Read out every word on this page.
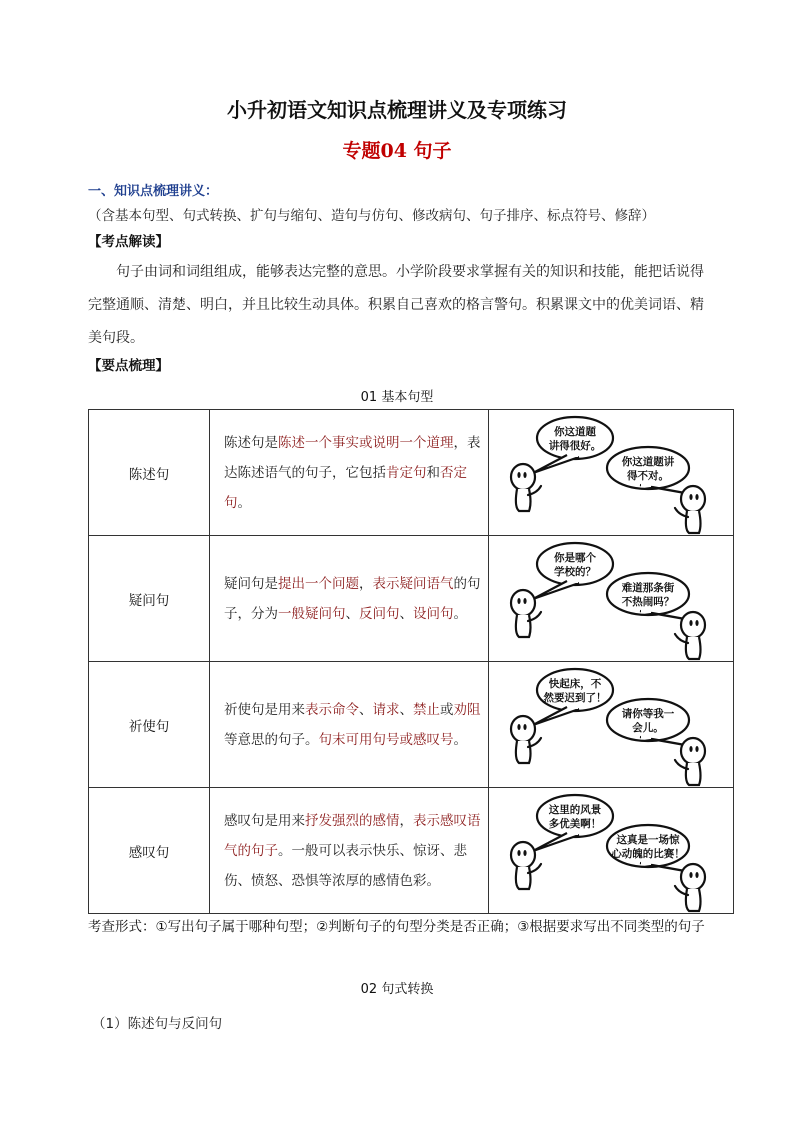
小升初语文知识点梳理讲义及专项练习
专题04 句子
一、知识点梳理讲义：
（含基本句型、句式转换、扩句与缩句、造句与仿句、修改病句、句子排序、标点符号、修辞）
【考点解读】
句子由词和词组组成，能够表达完整的意思。小学阶段要求掌握有关的知识和技能，能把话说得完整通顺、清楚、明白，并且比较生动具体。积累自己喜欢的格言警句。积累课文中的优美词语、精美句段。
【要点梳理】
01 基本句型
陈述句	陈述句是陈述一个事实或说明一个道理，表达陈述语气的句子，它包括肯定句和否定句。	你这道题
讲得很好。
你这道题讲
得不对。

疑问句	疑问句是提出一个问题，表示疑问语气的句子，分为一般疑问句、反问句、设问句。	你是哪个
学校的？
难道那条街
不热闹吗？

祈使句	祈使句是用来表示命令、请求、禁止或劝阻等意思的句子。句末可用句号或感叹号。	快起床，不
然要迟到了！
请你等我一
会儿。

感叹句	感叹句是用来抒发强烈的感情，表示感叹语气的句子。一般可以表示快乐、惊讶、悲伤、愤怒、恐惧等浓厚的感情色彩。	这里的风景
多优美啊！
这真是一场惊
心动魄的比赛！
考查形式：①写出句子属于哪种句型；②判断句子的句型分类是否正确；③根据要求写出不同类型的句子
02 句式转换
（1）陈述句与反问句
